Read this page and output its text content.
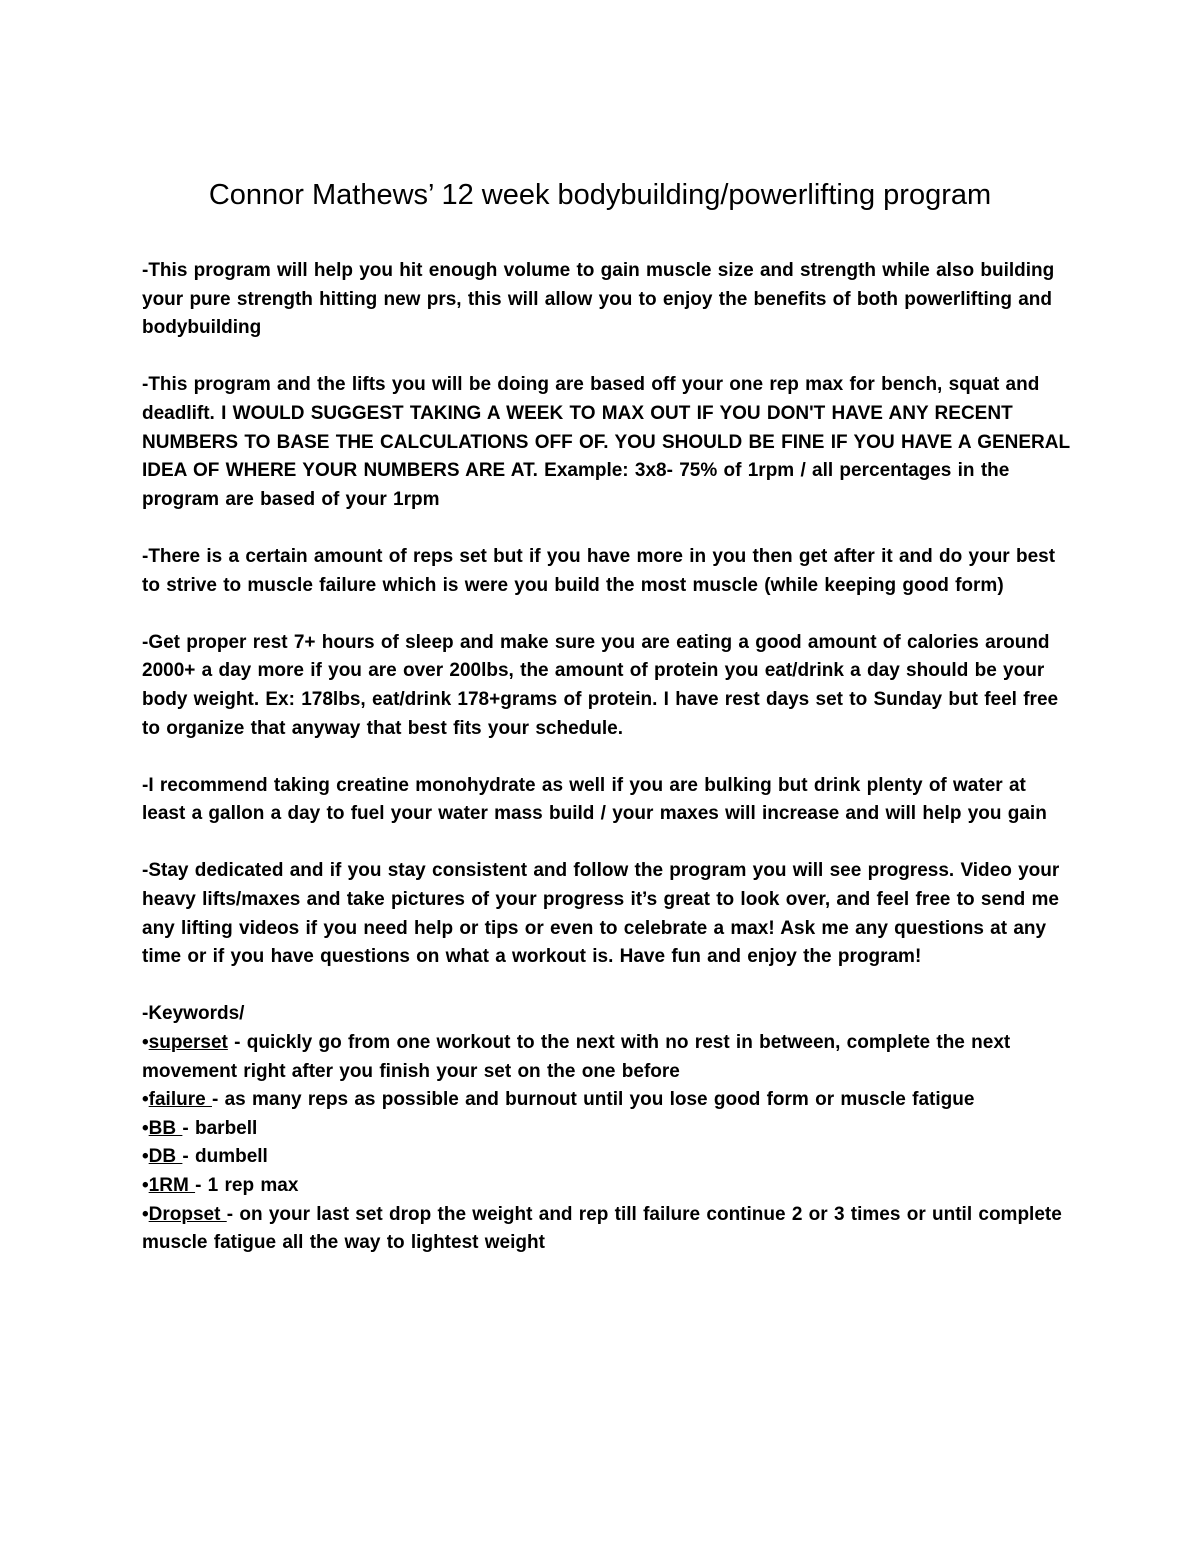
Connor Mathews’ 12 week bodybuilding/powerlifting program

-This program will help you hit enough volume to gain muscle size and strength while also building your pure strength hitting new prs, this will allow you to enjoy the benefits of both powerlifting and bodybuilding

-This program and the lifts you will be doing are based off your one rep max for bench, squat and deadlift. I WOULD SUGGEST TAKING A WEEK TO MAX OUT IF YOU DON'T HAVE ANY RECENT NUMBERS TO BASE THE CALCULATIONS OFF OF. YOU SHOULD BE FINE IF YOU HAVE A GENERAL IDEA OF WHERE YOUR NUMBERS ARE AT. Example: 3x8- 75% of 1rpm / all percentages in the program are based of your 1rpm

-There is a certain amount of reps set but if you have more in you then get after it and do your best to strive to muscle failure which is were you build the most muscle (while keeping good form)

-Get proper rest 7+ hours of sleep and make sure you are eating a good amount of calories around 2000+ a day more if you are over 200lbs, the amount of protein you eat/drink a day should be your body weight. Ex: 178lbs, eat/drink 178+grams of protein. I have rest days set to Sunday but feel free to organize that anyway that best fits your schedule.

-I recommend taking creatine monohydrate as well if you are bulking but drink plenty of water at least a gallon a day to fuel your water mass build / your maxes will increase and will help you gain

-Stay dedicated and if you stay consistent and follow the program you will see progress. Video your heavy lifts/maxes and take pictures of your progress it’s great to look over, and feel free to send me any lifting videos if you need help or tips or even to celebrate a max! Ask me any questions at any time or if you have questions on what a workout is. Have fun and enjoy the program!

-Keywords/

•superset - quickly go from one workout to the next with no rest in between, complete the next movement right after you finish your set on the one before

•failure - as many reps as possible and burnout until you lose good form or muscle fatigue

•BB - barbell

•DB - dumbell

•1RM - 1 rep max

•Dropset - on your last set drop the weight and rep till failure continue 2 or 3 times or until complete muscle fatigue all the way to lightest weight
